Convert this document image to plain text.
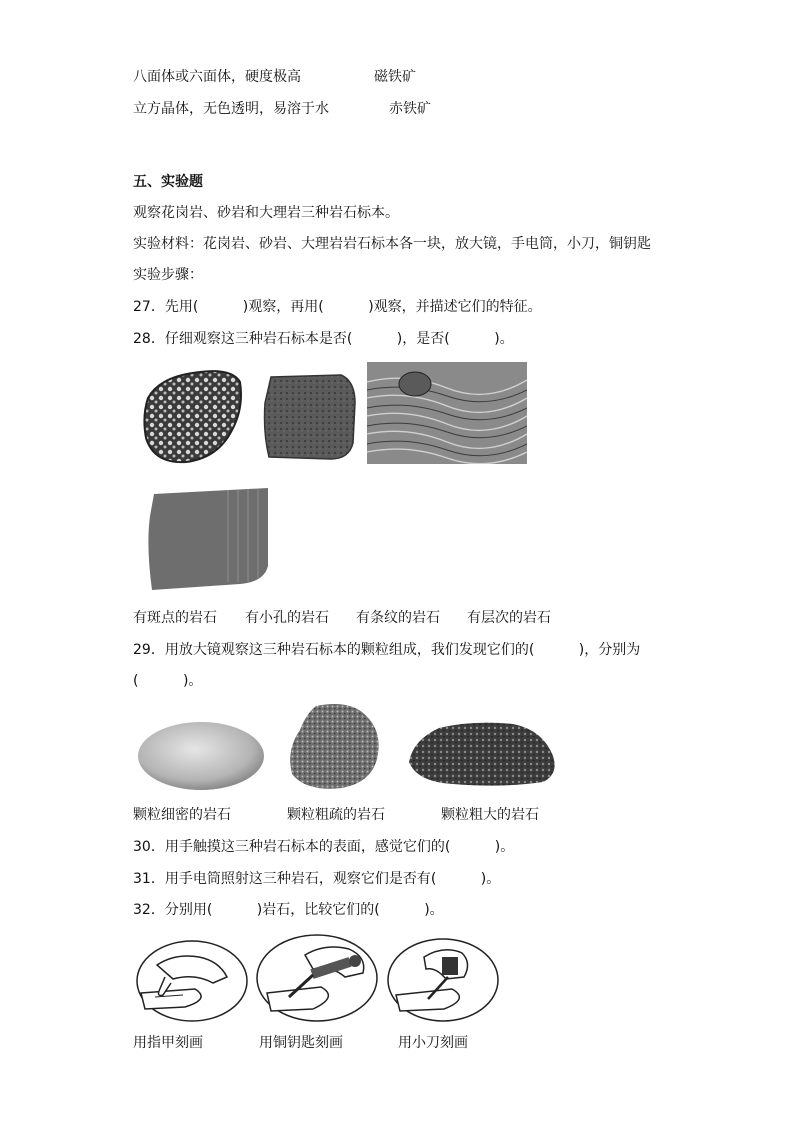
八面体或六面体，硬度极高	磁铁矿
立方晶体，无色透明，易溶于水	赤铁矿
五、实验题
观察花岗岩、砂岩和大理岩三种岩石标本。
实验材料：花岗岩、砂岩、大理岩岩石标本各一块，放大镜，手电筒，小刀，铜钥匙
实验步骤：
27．先用(          )观察，再用(          )观察，并描述它们的特征。
28．仔细观察这三种岩石标本是否(          )，是否(          )。
有斑点的岩石 有小孔的岩石 有条纹的岩石 有层次的岩石
29．用放大镜观察这三种岩石标本的颗粒组成，我们发现它们的(          )，分别为
(          )。
颗粒细密的岩石	颗粒粗疏的岩石	颗粒粗大的岩石
30．用手触摸这三种岩石标本的表面，感觉它们的(          )。
31．用手电筒照射这三种岩石，观察它们是否有(          )。
32．分别用(          )岩石，比较它们的(          )。
用指甲刻画	用铜钥匙刻画	用小刀刻画
